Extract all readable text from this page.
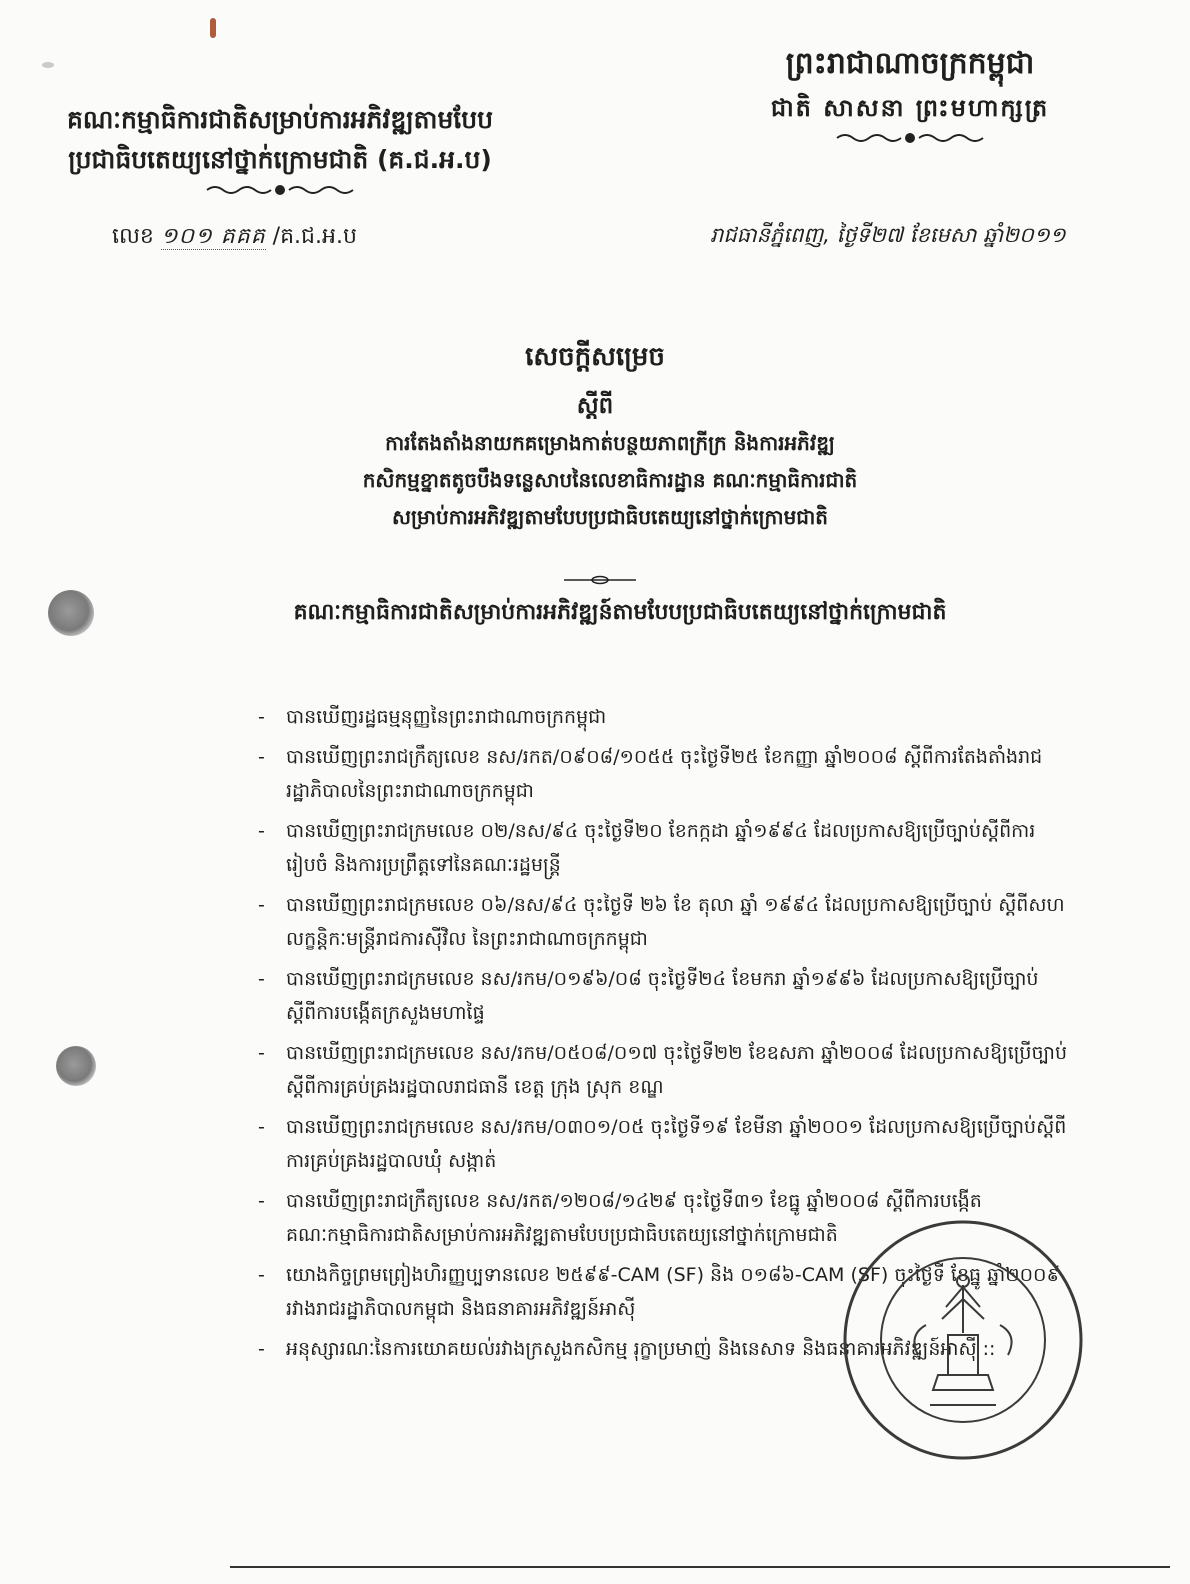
គណៈកម្មាធិការជាតិសម្រាប់ការអភិវឌ្ឍតាមបែប
ប្រជាធិបតេយ្យនៅថ្នាក់ក្រោមជាតិ (គ.ជ.អ.ប)
ព្រះរាជាណាចក្រកម្ពុជា
ជាតិ សាសនា ព្រះមហាក្សត្រ
លេខ ១០១ គគគ /គ.ជ.អ.ប	រាជធានីភ្នំពេញ, ថ្ងៃទី២៧ ខែមេសា ឆ្នាំ២០១១
សេចក្តីសម្រេច
ស្តីពី
ការតែងតាំងនាយកគម្រោងកាត់បន្ថយភាពក្រីក្រ និងការអភិវឌ្ឍ
កសិកម្មខ្នាតតូចបឹងទន្លេសាបនៃលេខាធិការដ្ឋាន គណៈកម្មាធិការជាតិ
សម្រាប់ការអភិវឌ្ឍតាមបែបប្រជាធិបតេយ្យនៅថ្នាក់ក្រោមជាតិ
គណៈកម្មាធិការជាតិសម្រាប់ការអភិវឌ្ឍន៍តាមបែបប្រជាធិបតេយ្យនៅថ្នាក់ក្រោមជាតិ
- បានឃើញរដ្ឋធម្មនុញ្ញនៃព្រះរាជាណាចក្រកម្ពុជា
- បានឃើញព្រះរាជក្រឹត្យលេខ នស/រកត/០៩០៨/១០៥៥ ចុះថ្ងៃទី២៥ ខែកញ្ញា ឆ្នាំ២០០៨ ស្តីពីការតែងតាំងរាជរដ្ឋាភិបាលនៃព្រះរាជាណាចក្រកម្ពុជា
- បានឃើញព្រះរាជក្រមលេខ ០២/នស/៩៤ ចុះថ្ងៃទី២០ ខែកក្កដា ឆ្នាំ១៩៩៤ ដែលប្រកាសឱ្យប្រើច្បាប់ស្តីពីការរៀបចំ និងការប្រព្រឹត្តទៅនៃគណៈរដ្ឋមន្ត្រី
- បានឃើញព្រះរាជក្រមលេខ ០៦/នស/៩៤ ចុះថ្ងៃទី ២៦ ខែ តុលា ឆ្នាំ ១៩៩៤ ដែលប្រកាសឱ្យប្រើច្បាប់ ស្តីពីសហលក្ខន្តិកៈមន្ត្រីរាជការស៊ីវិល នៃព្រះរាជាណាចក្រកម្ពុជា
- បានឃើញព្រះរាជក្រមលេខ នស/រកម/០១៩៦/០៨ ចុះថ្ងៃទី២៤ ខែមករា ឆ្នាំ១៩៩៦ ដែលប្រកាសឱ្យប្រើច្បាប់ស្តីពីការបង្កើតក្រសួងមហាផ្ទៃ
- បានឃើញព្រះរាជក្រមលេខ នស/រកម/០៥០៨/០១៧ ចុះថ្ងៃទី២២ ខែឧសភា ឆ្នាំ២០០៨ ដែលប្រកាសឱ្យប្រើច្បាប់ស្តីពីការគ្រប់គ្រងរដ្ឋបាលរាជធានី ខេត្ត ក្រុង ស្រុក ខណ្ឌ
- បានឃើញព្រះរាជក្រមលេខ នស/រកម/០៣០១/០៥ ចុះថ្ងៃទី១៩ ខែមីនា ឆ្នាំ២០០១ ដែលប្រកាសឱ្យប្រើច្បាប់ស្តីពីការគ្រប់គ្រងរដ្ឋបាលឃុំ សង្កាត់
- បានឃើញព្រះរាជក្រឹត្យលេខ នស/រកត/១២០៨/១៤២៩ ចុះថ្ងៃទី៣១ ខែធ្នូ ឆ្នាំ២០០៨ ស្តីពីការបង្កើតគណៈកម្មាធិការជាតិសម្រាប់ការអភិវឌ្ឍតាមបែបប្រជាធិបតេយ្យនៅថ្នាក់ក្រោមជាតិ
- យោងកិច្ចព្រមព្រៀងហិរញ្ញប្បទានលេខ ២៥៩៩-CAM (SF) និង ០១៨៦-CAM (SF) ចុះថ្ងៃទី ខែធ្នូ ឆ្នាំ២០០៩ រវាងរាជរដ្ឋាភិបាលកម្ពុជា និងធនាគារអភិវឌ្ឍន៍អាស៊ី
- អនុស្សារណៈនៃការយោគយល់រវាងក្រសួងកសិកម្ម រុក្ខាប្រមាញ់ និងនេសាទ និងធនាគារអភិវឌ្ឍន៍អាស៊ី ::
